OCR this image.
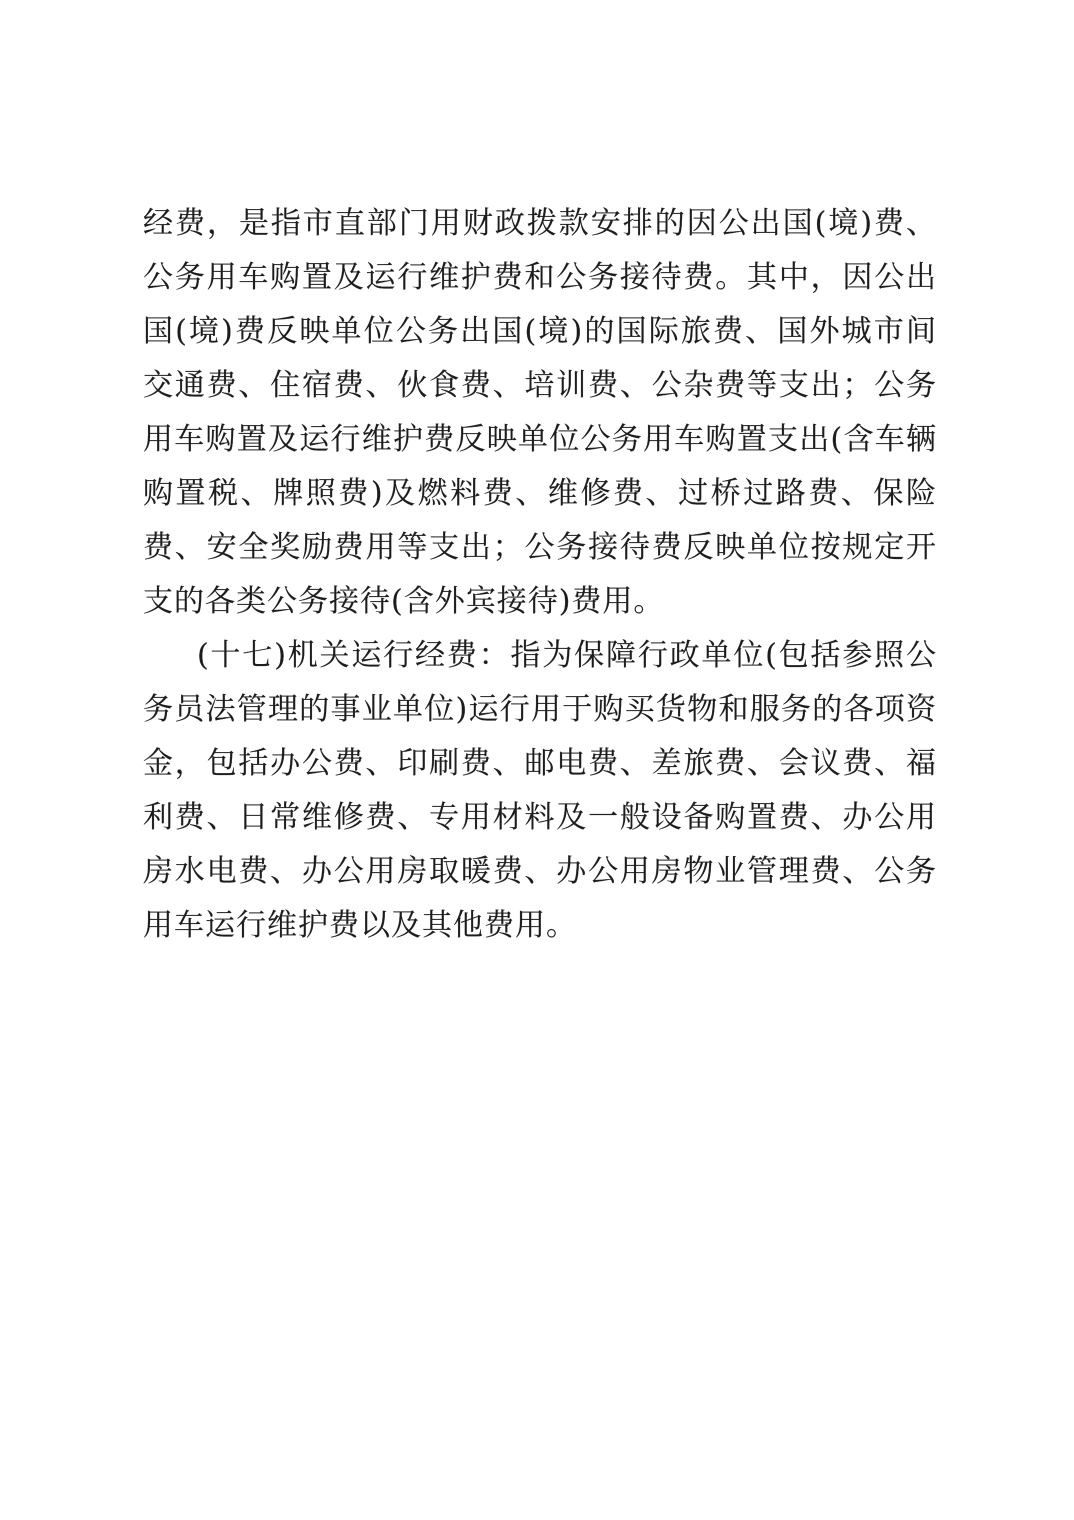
经费，是指市直部门用财政拨款安排的因公出国(境)费、公务用车购置及运行维护费和公务接待费。其中，因公出国(境)费反映单位公务出国(境)的国际旅费、国外城市间交通费、住宿费、伙食费、培训费、公杂费等支出；公务用车购置及运行维护费反映单位公务用车购置支出(含车辆购置税、牌照费)及燃料费、维修费、过桥过路费、保险费、安全奖励费用等支出；公务接待费反映单位按规定开支的各类公务接待(含外宾接待)费用。

(十七)机关运行经费：指为保障行政单位(包括参照公务员法管理的事业单位)运行用于购买货物和服务的各项资金，包括办公费、印刷费、邮电费、差旅费、会议费、福利费、日常维修费、专用材料及一般设备购置费、办公用房水电费、办公用房取暖费、办公用房物业管理费、公务用车运行维护费以及其他费用。
